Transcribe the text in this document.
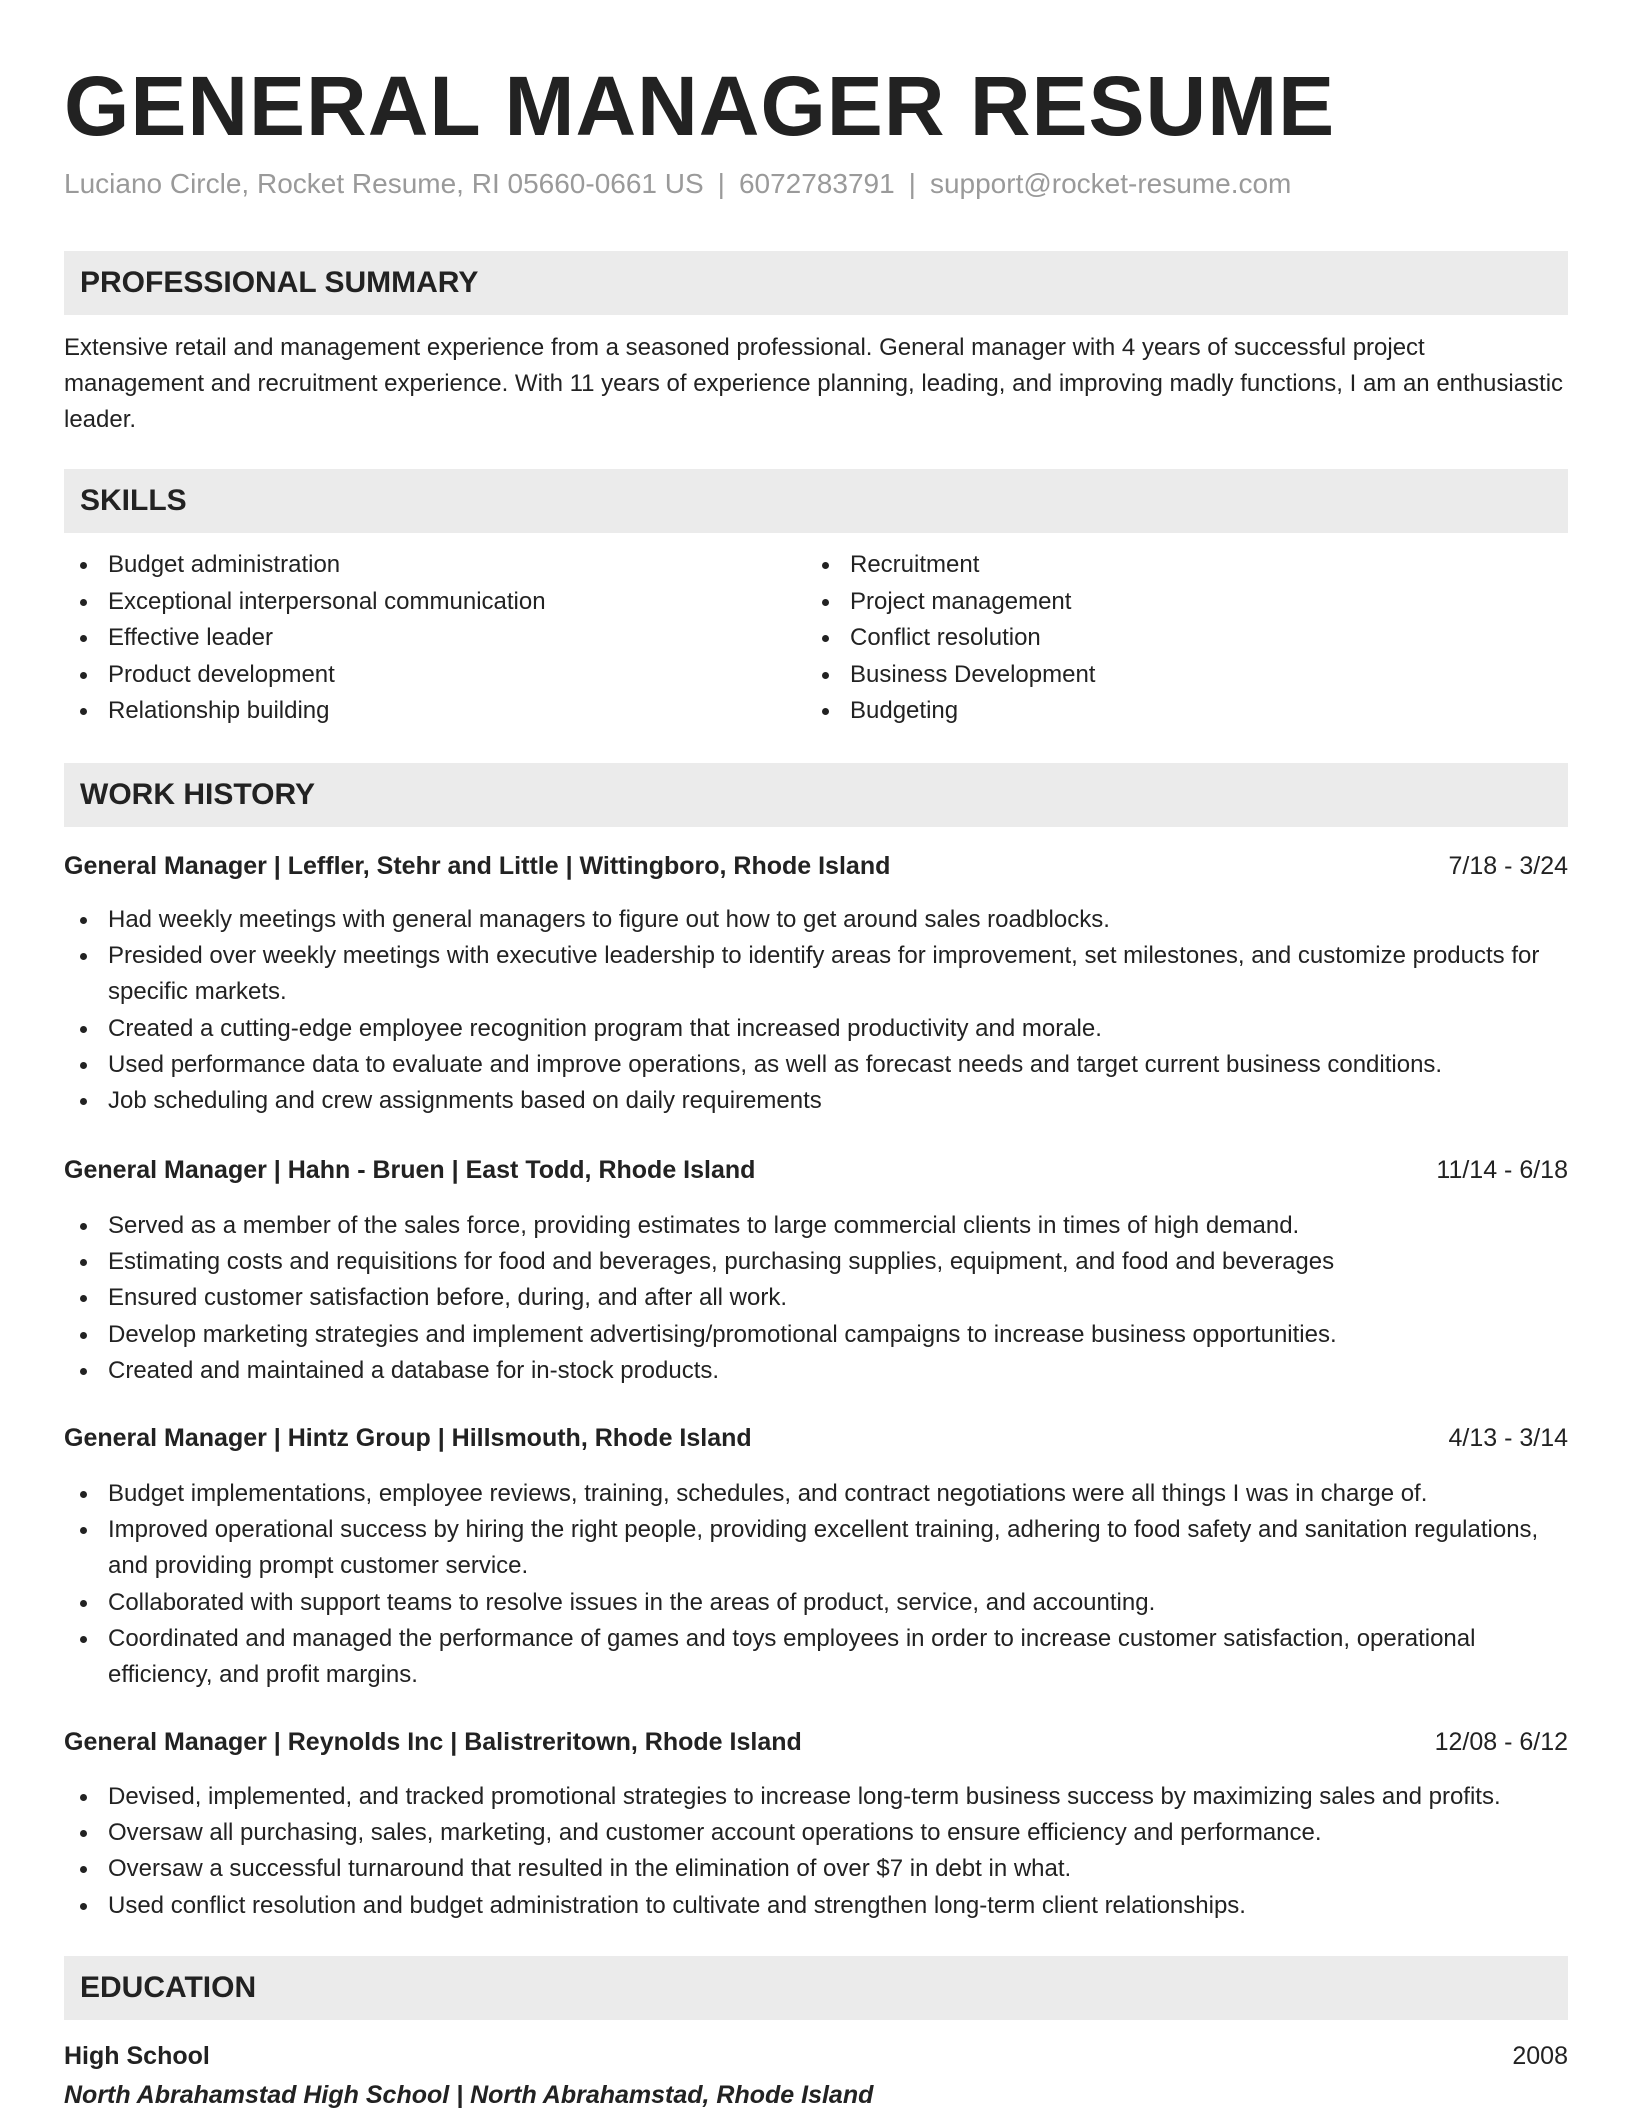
GENERAL MANAGER RESUME
Luciano Circle, Rocket Resume, RI 05660-0661 US | 6072783791 | support@rocket-resume.com
PROFESSIONAL SUMMARY
Extensive retail and management experience from a seasoned professional. General manager with 4 years of successful project management and recruitment experience. With 11 years of experience planning, leading, and improving madly functions, I am an enthusiastic leader.
SKILLS
Budget administration
Exceptional interpersonal communication
Effective leader
Product development
Relationship building
Recruitment
Project management
Conflict resolution
Business Development
Budgeting
WORK HISTORY
General Manager | Leffler, Stehr and Little | Wittingboro, Rhode Island	7/18 - 3/24
Had weekly meetings with general managers to figure out how to get around sales roadblocks.
Presided over weekly meetings with executive leadership to identify areas for improvement, set milestones, and customize products for specific markets.
Created a cutting-edge employee recognition program that increased productivity and morale.
Used performance data to evaluate and improve operations, as well as forecast needs and target current business conditions.
Job scheduling and crew assignments based on daily requirements
General Manager | Hahn - Bruen | East Todd, Rhode Island	11/14 - 6/18
Served as a member of the sales force, providing estimates to large commercial clients in times of high demand.
Estimating costs and requisitions for food and beverages, purchasing supplies, equipment, and food and beverages
Ensured customer satisfaction before, during, and after all work.
Develop marketing strategies and implement advertising/promotional campaigns to increase business opportunities.
Created and maintained a database for in-stock products.
General Manager | Hintz Group | Hillsmouth, Rhode Island	4/13 - 3/14
Budget implementations, employee reviews, training, schedules, and contract negotiations were all things I was in charge of.
Improved operational success by hiring the right people, providing excellent training, adhering to food safety and sanitation regulations, and providing prompt customer service.
Collaborated with support teams to resolve issues in the areas of product, service, and accounting.
Coordinated and managed the performance of games and toys employees in order to increase customer satisfaction, operational efficiency, and profit margins.
General Manager | Reynolds Inc | Balistreritown, Rhode Island	12/08 - 6/12
Devised, implemented, and tracked promotional strategies to increase long-term business success by maximizing sales and profits.
Oversaw all purchasing, sales, marketing, and customer account operations to ensure efficiency and performance.
Oversaw a successful turnaround that resulted in the elimination of over $7 in debt in what.
Used conflict resolution and budget administration to cultivate and strengthen long-term client relationships.
EDUCATION
High School	2008
North Abrahamstad High School | North Abrahamstad, Rhode Island
